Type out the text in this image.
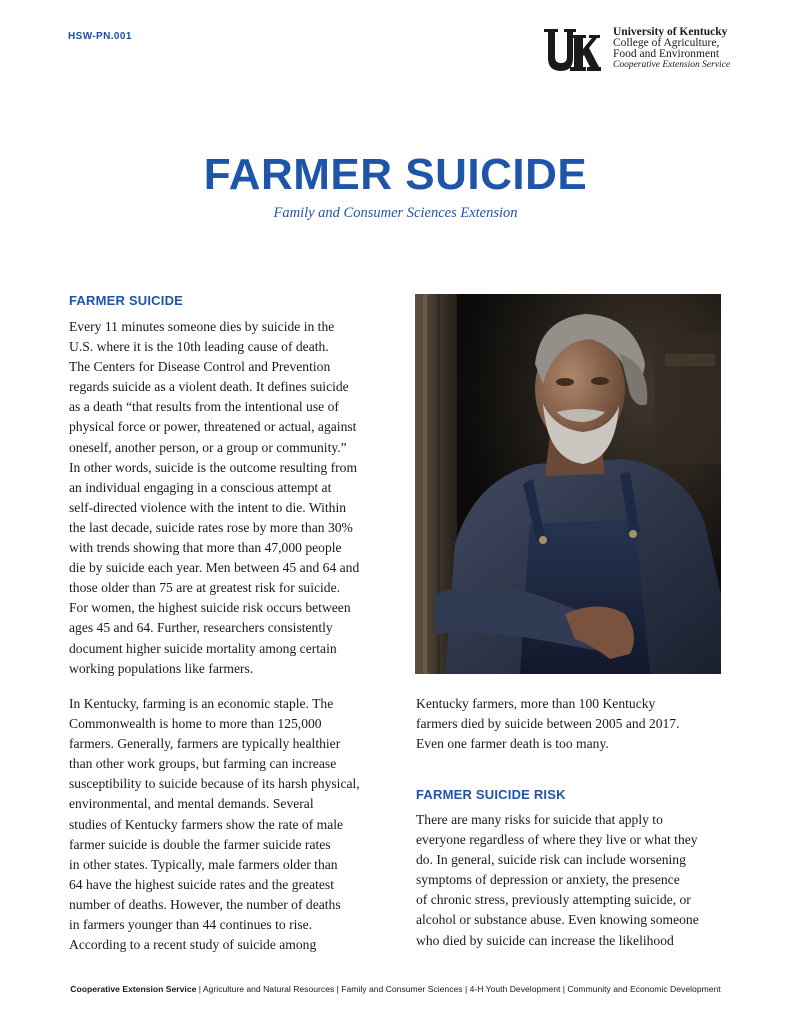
HSW-PN.001	University of Kentucky
College of Agriculture,
Food and Environment
Cooperative Extension Service
FARMER SUICIDE
Family and Consumer Sciences Extension
FARMER SUICIDE
Every 11 minutes someone dies by suicide in the
U.S. where it is the 10th leading cause of death.
The Centers for Disease Control and Prevention
regards suicide as a violent death. It defines suicide
as a death “that results from the intentional use of
physical force or power, threatened or actual, against
oneself, another person, or a group or community.”
In other words, suicide is the outcome resulting from
an individual engaging in a conscious attempt at
self-directed violence with the intent to die. Within
the last decade, suicide rates rose by more than 30%
with trends showing that more than 47,000 people
die by suicide each year. Men between 45 and 64 and
those older than 75 are at greatest risk for suicide.
For women, the highest suicide risk occurs between
ages 45 and 64. Further, researchers consistently
document higher suicide mortality among certain
working populations like farmers.
In Kentucky, farming is an economic staple. The
Commonwealth is home to more than 125,000
farmers. Generally, farmers are typically healthier
than other work groups, but farming can increase
susceptibility to suicide because of its harsh physical,
environmental, and mental demands. Several
studies of Kentucky farmers show the rate of male
farmer suicide is double the farmer suicide rates
in other states. Typically, male farmers older than
64 have the highest suicide rates and the greatest
number of deaths. However, the number of deaths
in farmers younger than 44 continues to rise.
According to a recent study of suicide among
Kentucky farmers, more than 100 Kentucky
farmers died by suicide between 2005 and 2017.
Even one farmer death is too many.
FARMER SUICIDE RISK
There are many risks for suicide that apply to
everyone regardless of where they live or what they
do. In general, suicide risk can include worsening
symptoms of depression or anxiety, the presence
of chronic stress, previously attempting suicide, or
alcohol or substance abuse. Even knowing someone
who died by suicide can increase the likelihood
Cooperative Extension Service | Agriculture and Natural Resources | Family and Consumer Sciences | 4-H Youth Development | Community and Economic Development
